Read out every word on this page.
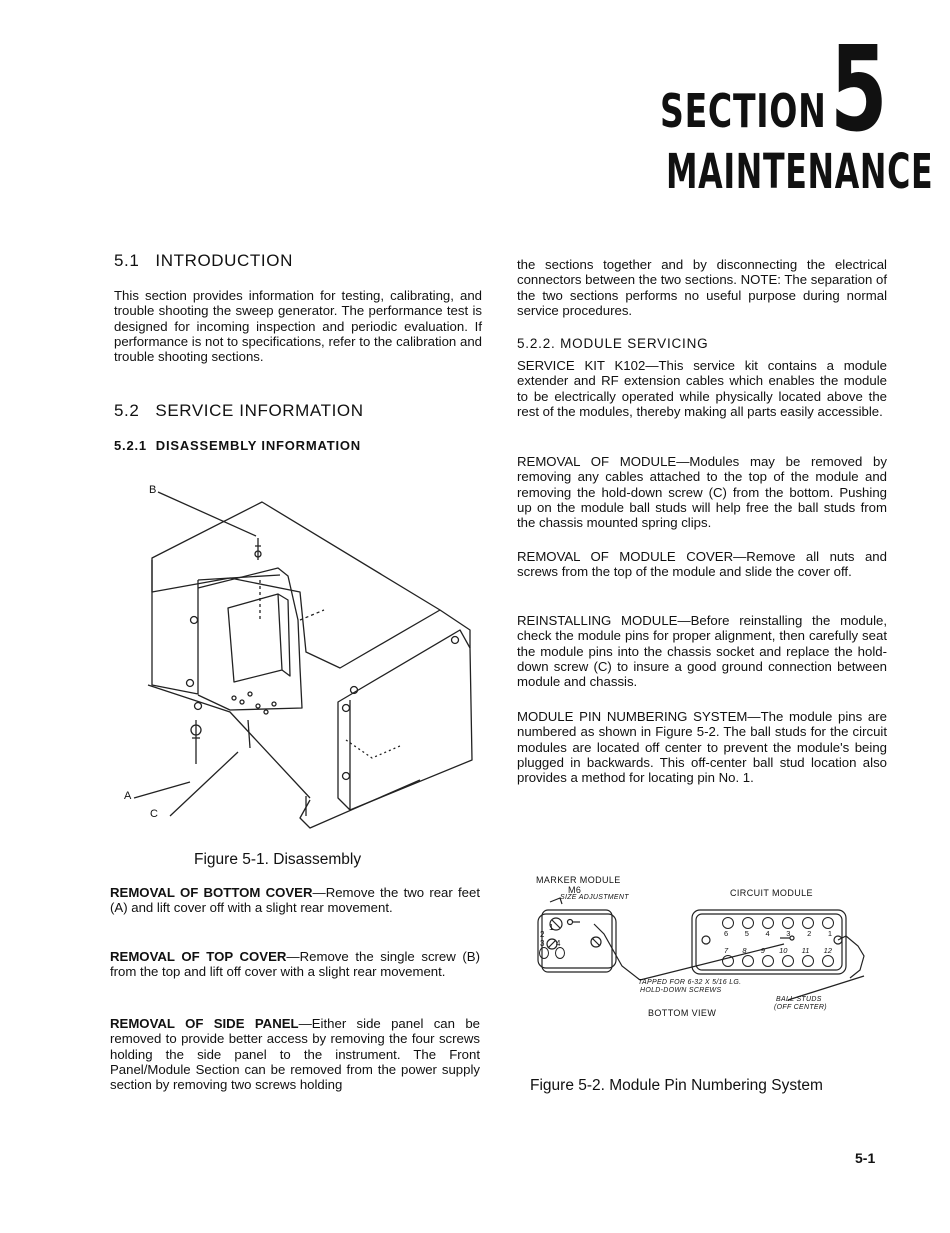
SECTION 5
MAINTENANCE
5.1 INTRODUCTION
This section provides information for testing, calibrating, and trouble shooting the sweep generator. The performance test is designed for incoming inspection and periodic evaluation. If performance is not to specifications, refer to the calibration and trouble shooting sections.
5.2 SERVICE INFORMATION
5.2.1 DISASSEMBLY INFORMATION
B
A
C
Figure 5-1. Disassembly
REMOVAL OF BOTTOM COVER—Remove the two rear feet (A) and lift cover off with a slight rear movement.
REMOVAL OF TOP COVER—Remove the single screw (B) from the top and lift off cover with a slight rear movement.
REMOVAL OF SIDE PANEL—Either side panel can be removed to provide better access by removing the four screws holding the side panel to the instrument. The Front Panel/Module Section can be removed from the power supply section by removing two screws holding
the sections together and by disconnecting the electrical connectors between the two sections. NOTE: The separation of the two sections performs no useful purpose during normal service procedures.
5.2.2. MODULE SERVICING
SERVICE KIT K102—This service kit contains a module extender and RF extension cables which enables the module to be electrically operated while physically located above the rest of the modules, thereby making all parts easily accessible.
REMOVAL OF MODULE—Modules may be removed by removing any cables attached to the top of the module and removing the hold-down screw (C) from the bottom. Pushing up on the module ball studs will help free the ball studs from the chassis mounted spring clips.
REMOVAL OF MODULE COVER—Remove all nuts and screws from the top of the module and slide the cover off.
REINSTALLING MODULE—Before reinstalling the module, check the module pins for proper alignment, then carefully seat the module pins into the chassis socket and replace the hold-down screw (C) to insure a good ground connection between module and chassis.
MODULE PIN NUMBERING SYSTEM—The module pins are numbered as shown in Figure 5-2. The ball studs for the circuit modules are located off center to prevent the module's being plugged in backwards. This off-center ball stud location also provides a method for locating pin No. 1.
MARKER MODULE
M6
SIZE ADJUSTMENT	CIRCUIT MODULE
1
2
3 4
6 5 4 3 2 1
7 8 9 10 11 12
TAPPED FOR 6-32 X 5/16 LG.
HOLD-DOWN SCREWS
BALL STUDS
(OFF CENTER)
BOTTOM VIEW
Figure 5-2. Module Pin Numbering System
5-1
